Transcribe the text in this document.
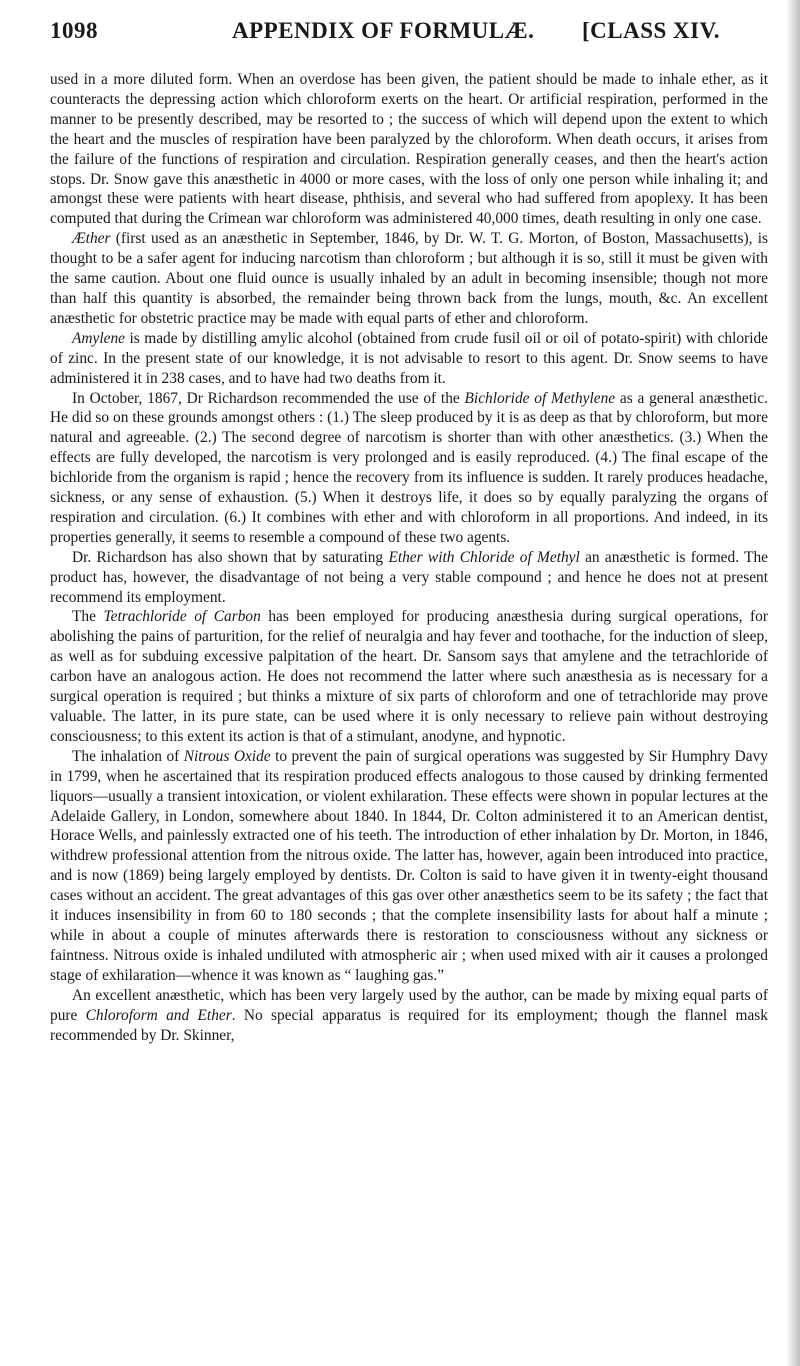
1098	APPENDIX OF FORMULÆ. [CLASS XIV.

used in a more diluted form. When an overdose has been given, the patient should be made to inhale ether, as it counteracts the depressing action which chloroform exerts on the heart. Or artificial respiration, performed in the manner to be presently described, may be resorted to ; the success of which will depend upon the extent to which the heart and the muscles of respiration have been paralyzed by the chloroform. When death occurs, it arises from the failure of the functions of respiration and circulation. Respiration generally ceases, and then the heart's action stops. Dr. Snow gave this anæsthetic in 4000 or more cases, with the loss of only one person while inhaling it; and amongst these were patients with heart disease, phthisis, and several who had suffered from apoplexy. It has been computed that during the Crimean war chloroform was administered 40,000 times, death resulting in only one case.

Æther (first used as an anæsthetic in September, 1846, by Dr. W. T. G. Morton, of Boston, Massachusetts), is thought to be a safer agent for inducing narcotism than chloroform ; but although it is so, still it must be given with the same caution. About one fluid ounce is usually inhaled by an adult in becoming insensible; though not more than half this quantity is absorbed, the remainder being thrown back from the lungs, mouth, &c. An excellent anæsthetic for obstetric practice may be made with equal parts of ether and chloroform.

Amylene is made by distilling amylic alcohol (obtained from crude fusil oil or oil of potato-spirit) with chloride of zinc. In the present state of our knowledge, it is not advisable to resort to this agent. Dr. Snow seems to have administered it in 238 cases, and to have had two deaths from it.

In October, 1867, Dr Richardson recommended the use of the Bichloride of Methylene as a general anæsthetic. He did so on these grounds amongst others : (1.) The sleep produced by it is as deep as that by chloroform, but more natural and agreeable. (2.) The second degree of narcotism is shorter than with other anæsthetics. (3.) When the effects are fully developed, the narcotism is very prolonged and is easily reproduced. (4.) The final escape of the bichloride from the organism is rapid ; hence the recovery from its influence is sudden. It rarely produces headache, sickness, or any sense of exhaustion. (5.) When it destroys life, it does so by equally paralyzing the organs of respiration and circulation. (6.) It combines with ether and with chloroform in all proportions. And indeed, in its properties generally, it seems to resemble a compound of these two agents.

Dr. Richardson has also shown that by saturating Ether with Chloride of Methyl an anæsthetic is formed. The product has, however, the disadvantage of not being a very stable compound ; and hence he does not at present recommend its employment.

The Tetrachloride of Carbon has been employed for producing anæsthesia during surgical operations, for abolishing the pains of parturition, for the relief of neuralgia and hay fever and toothache, for the induction of sleep, as well as for subduing excessive palpitation of the heart. Dr. Sansom says that amylene and the tetrachloride of carbon have an analogous action. He does not recommend the latter where such anæsthesia as is necessary for a surgical operation is required ; but thinks a mixture of six parts of chloroform and one of tetrachloride may prove valuable. The latter, in its pure state, can be used where it is only necessary to relieve pain without destroying consciousness; to this extent its action is that of a stimulant, anodyne, and hypnotic.

The inhalation of Nitrous Oxide to prevent the pain of surgical operations was suggested by Sir Humphry Davy in 1799, when he ascertained that its respiration produced effects analogous to those caused by drinking fermented liquors—usually a transient intoxication, or violent exhilaration. These effects were shown in popular lectures at the Adelaide Gallery, in London, somewhere about 1840. In 1844, Dr. Colton administered it to an American dentist, Horace Wells, and painlessly extracted one of his teeth. The introduction of ether inhalation by Dr. Morton, in 1846, withdrew professional attention from the nitrous oxide. The latter has, however, again been introduced into practice, and is now (1869) being largely employed by dentists. Dr. Colton is said to have given it in twenty-eight thousand cases without an accident. The great advantages of this gas over other anæsthetics seem to be its safety ; the fact that it induces insensibility in from 60 to 180 seconds ; that the complete insensibility lasts for about half a minute ; while in about a couple of minutes afterwards there is restoration to consciousness without any sickness or faintness. Nitrous oxide is inhaled undiluted with atmospheric air ; when used mixed with air it causes a prolonged stage of exhilaration—whence it was known as “ laughing gas.”

An excellent anæsthetic, which has been very largely used by the author, can be made by mixing equal parts of pure Chloroform and Ether. No special apparatus is required for its employment; though the flannel mask recommended by Dr. Skinner,
